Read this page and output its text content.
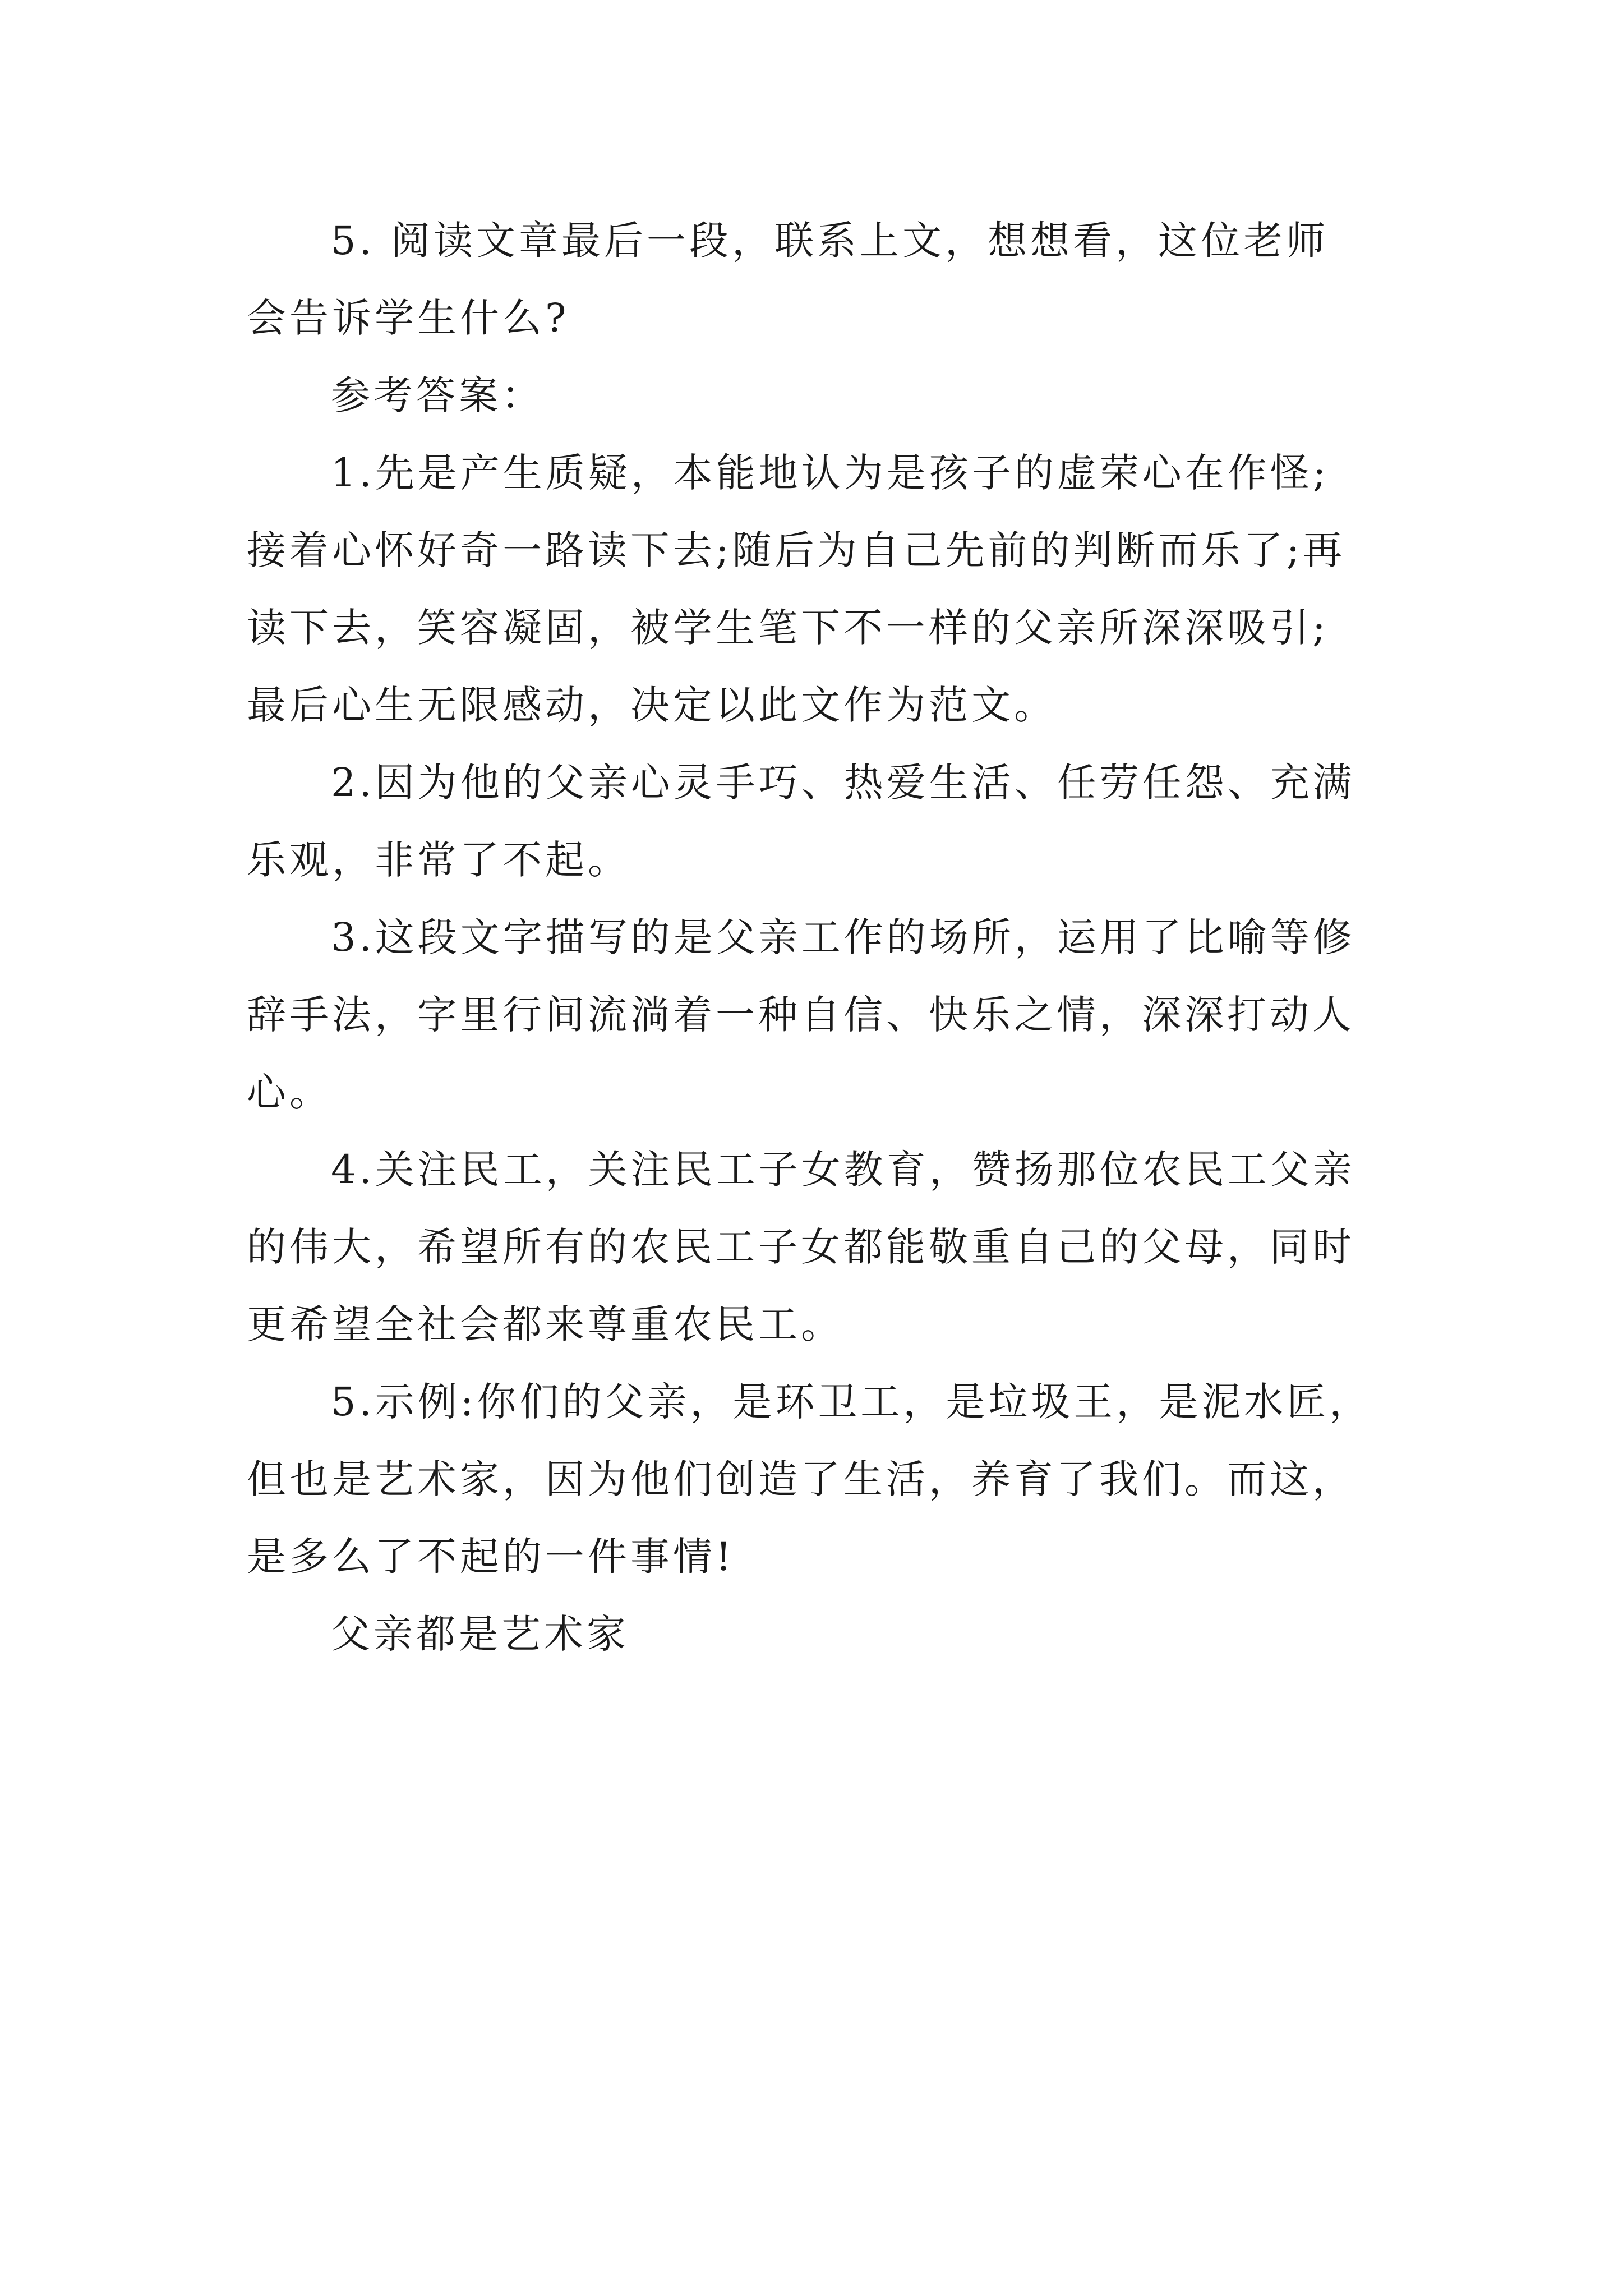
5. 阅读文章最后一段，联系上文，想想看，这位老师
会告诉学生什么?

参考答案：

1.先是产生质疑，本能地认为是孩子的虚荣心在作怪;
接着心怀好奇一路读下去;随后为自己先前的判断而乐了;再
读下去，笑容凝固，被学生笔下不一样的父亲所深深吸引;
最后心生无限感动，决定以此文作为范文。

2.因为他的父亲心灵手巧、热爱生活、任劳任怨、充满
乐观，非常了不起。

3.这段文字描写的是父亲工作的场所，运用了比喻等修
辞手法，字里行间流淌着一种自信、快乐之情，深深打动人
心。

4.关注民工，关注民工子女教育，赞扬那位农民工父亲
的伟大，希望所有的农民工子女都能敬重自己的父母，同时
更希望全社会都来尊重农民工。

5.示例:你们的父亲，是环卫工，是垃圾王，是泥水匠，
但也是艺术家，因为他们创造了生活，养育了我们。而这，
是多么了不起的一件事情!

父亲都是艺术家
